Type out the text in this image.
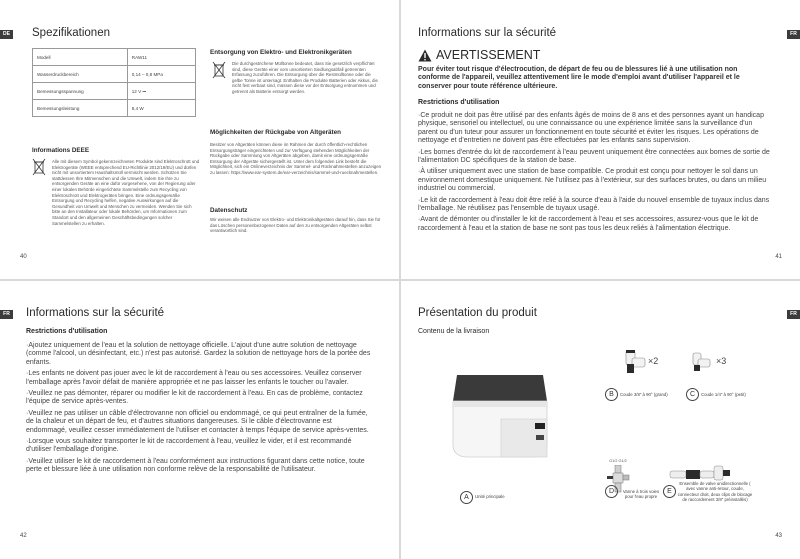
DE Spezifikationen
Modell	RAW11
Wasserdruckbereich	0,14 – 0,8 MPa
Bemessungsspannung	12 V ⎓
Bemessungsleistung	8,4 W
Informations DEEE
Alle mit diesem Symbol gekennzeichneten Produkte sind Elektroschrott und Elektrogeräte (WEEE entsprechend EU-Richtlinie 2012/19/EU) und dürfen nicht mit unsortiertem Haushaltsmüll vermischt werden. Schützen Sie stattdessen Ihre Mitmenschen und die Umwelt, indem Sie Ihre zu entsorgenden Geräte an eine dafür vorgesehene, von der Regierung oder einer lokalen Behörde eingerichtete Sammelstelle zum Recycling von Elektroschrott und Elektrogeräten bringen. Eine ordnungsgemäße Entsorgung und Recycling helfen, negative Auswirkungen auf die Gesundheit von Umwelt und Menschen zu vermeiden. Wenden Sie sich bitte an den Installateur oder lokale Behörden, um Informationen zum Standort und den allgemeinen Geschäftsbedingungen solcher Sammelstellen zu erhalten.
Entsorgung von Elektro- und Elektronikgeräten
Die durchgestrichene Mülltonne bedeutet, dass Sie gesetzlich verpflichtet sind, diese Geräte einer vom unsortierten Siedlungsabfall getrennten Erfassung zuzuführen. Die Entsorgung über die Restmülltonne oder die gelbe Tonne ist untersagt. Enthalten die Produkte Batterien oder Akkus, die nicht fest verbaut sind, müssen diese vor der Entsorgung entnommen und getrennt als Batterie entsorgt werden.
Möglichkeiten der Rückgabe von Altgeräten
Besitzer von Altgeräten können diese im Rahmen der durch öffentlich-rechtlichen Entsorgungsträger eingerichteten und zur Verfügung stehenden Möglichkeiten der Rückgabe oder Sammlung von Altgeräten abgeben, damit eine ordnungsgemäße Entsorgung der Altgeräte sichergestellt ist. Unter dem folgenden Link besteht die Möglichkeit, sich ein Onlineverzeichnis der Sammel- und Rücknahmestellen anzuzeigen zu lassen: https://www.ear-system.de/ear-verzeichnis/sammel-und-ruecknahmestellen.
Datenschutz
Wir weisen alle Endnutzer von Elektro- und Elektronikaltgeräten darauf hin, dass Sie für das Löschen personenbezogener Daten auf den zu entsorgenden Altgeräten selbst verantwortlich sind.
40
FR
Informations sur la sécurité
AVERTISSEMENT
Pour éviter tout risque d'électrocution, de départ de feu ou de blessures lié à une utilisation non conforme de l'appareil, veuillez attentivement lire le mode d'emploi avant d'utiliser l'appareil et le conserver pour toute référence ultérieure.
Restrictions d'utilisation
·Ce produit ne doit pas être utilisé par des enfants âgés de moins de 8 ans et des personnes ayant un handicap physique, sensoriel ou intellectuel, ou une connaissance ou une expérience limitée sans la surveillance d'un parent ou d'un tuteur pour assurer un fonctionnement en toute sécurité et éviter les risques. Les opérations de nettoyage et d'entretien ne doivent pas être effectuées par les enfants sans supervision.
·Les bornes d'entrée du kit de raccordement à l'eau peuvent uniquement être connectées aux bornes de sortie de l'alimentation DC spécifiques de la station de base.
·À utiliser uniquement avec une station de base compatible. Ce produit est conçu pour nettoyer le sol dans un environnement domestique uniquement. Ne l'utilisez pas à l'extérieur, sur des surfaces brutes, ou dans un milieu industriel ou commercial.
·Le kit de raccordement à l'eau doit être relié à la source d'eau à l'aide du nouvel ensemble de tuyaux inclus dans l'emballage. Ne réutilisez pas l'ensemble de tuyaux usagé.
·Avant de démonter ou d'installer le kit de raccordement à l'eau et ses accessoires, assurez-vous que le kit de raccordement à l'eau et la station de base ne sont pas tous les deux reliés à l'alimentation électrique.
41
FR Informations sur la sécurité
Restrictions d'utilisation
·Ajoutez uniquement de l'eau et la solution de nettoyage officielle. L'ajout d'une autre solution de nettoyage (comme l'alcool, un désinfectant, etc.) n'est pas autorisé. Gardez la solution de nettoyage hors de la portée des enfants.
·Les enfants ne doivent pas jouer avec le kit de raccordement à l'eau ou ses accessoires. Veuillez conserver l'emballage après l'avoir défait de manière appropriée et ne pas laisser les enfants le toucher ou l'avaler.
·Veuillez ne pas démonter, réparer ou modifier le kit de raccordement à l'eau. En cas de problème, contactez l'équipe de service après-ventes.
·Veuillez ne pas utiliser un câble d'électrovanne non officiel ou endommagé, ce qui peut entraîner de la fumée, de la chaleur et un départ de feu, et d'autres situations dangereuses. Si le câble d'électrovanne est endommagé, veuillez cesser immédiatement de l'utiliser et contacter à temps l'équipe de service après-ventes.
·Lorsque vous souhaitez transporter le kit de raccordement à l'eau, veuillez le vider, et il est recommandé d'utiliser l'emballage d'origine.
·Veuillez utiliser le kit de raccordement à l'eau conformément aux instructions figurant dans cette notice, toute perte et blessure liée à une utilisation non conforme relève de la responsabilité de l'utilisateur.
42
FR
Présentation du produit
Contenu de la livraison
A	Unité principale
×2
B	Coude 3/8" à 90° (grand)
×3
C	Coude 1/4" à 90° (petit)
G1/2 G1/2
D	Vanne à trois voies pour l'eau propre
E
Ensemble de valve unidirectionnelle ( avec vanne anti-retour, coude, connecteur droit, deux clips de blocage de raccordement 3/8" préinstallés)
43
